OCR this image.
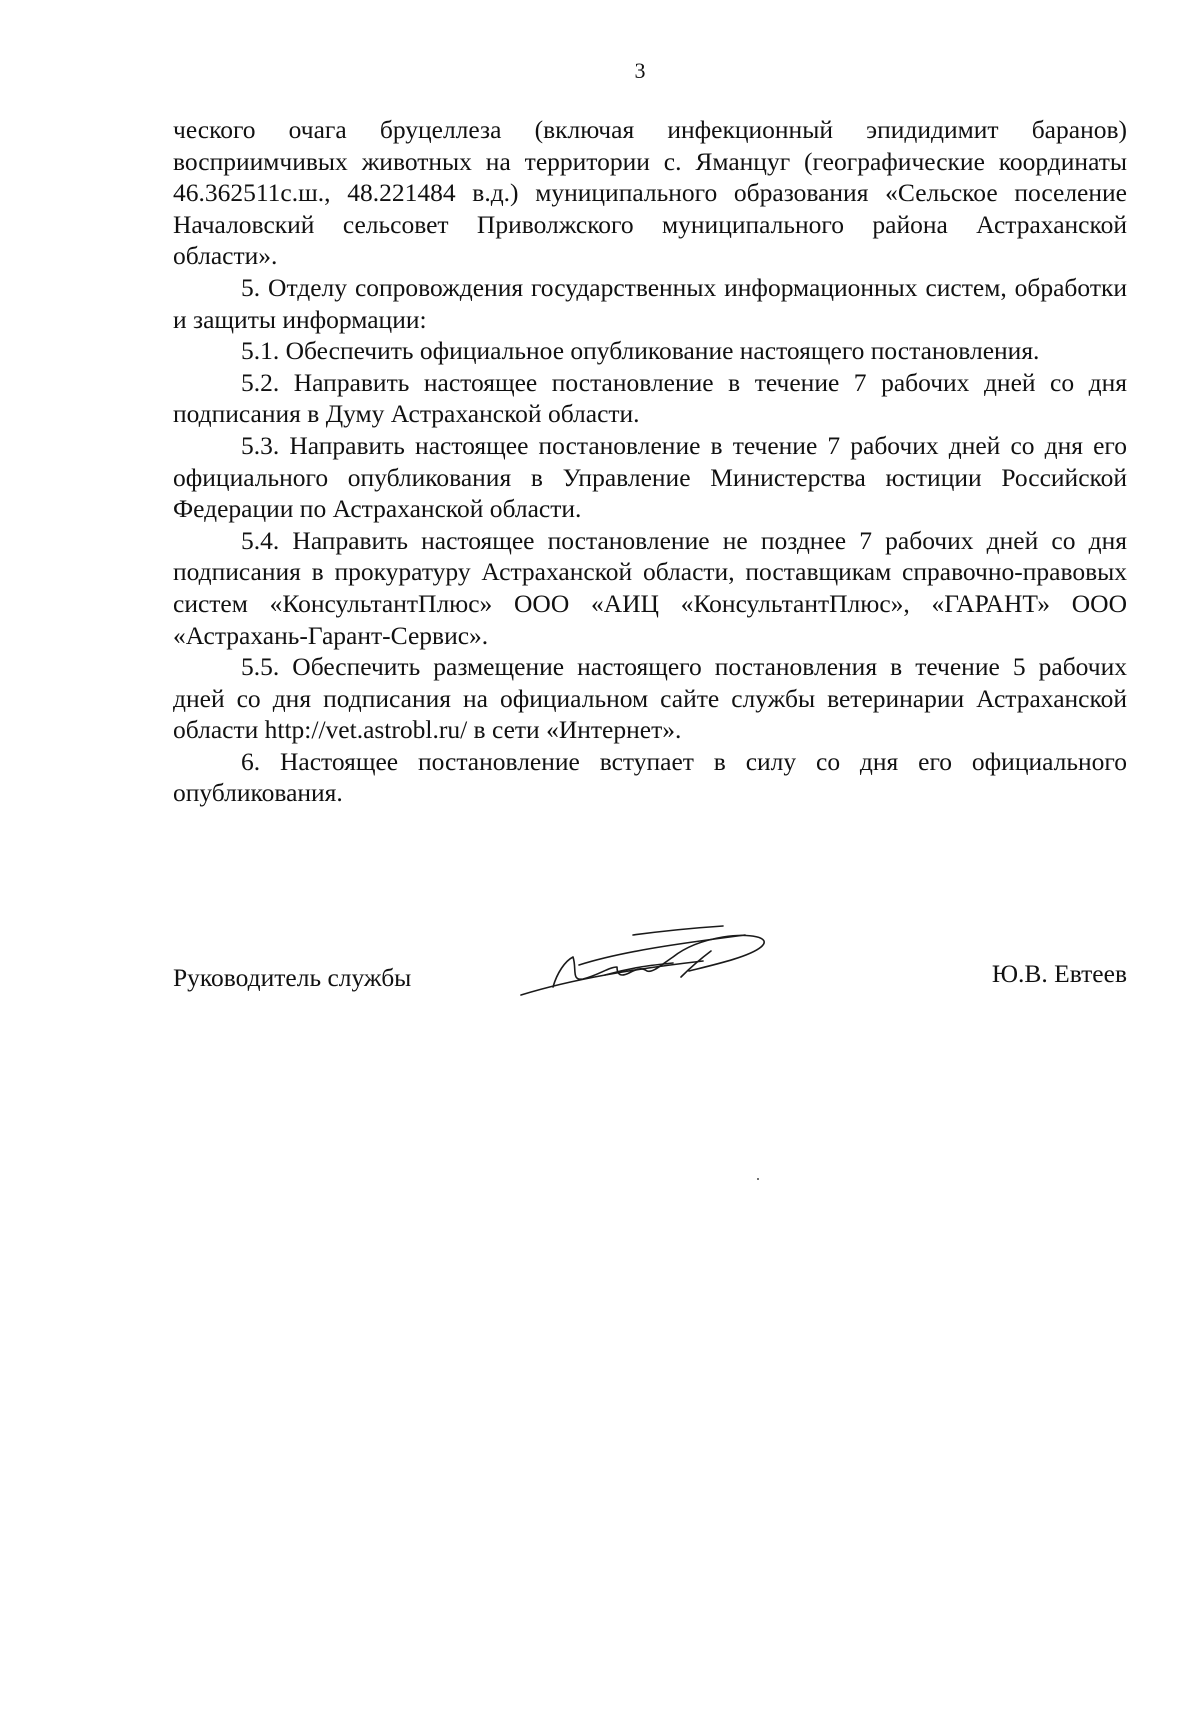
3

ческого очага бруцеллеза (включая инфекционный эпидидимит баранов) восприимчивых животных на территории с. Яманцуг (географические координаты 46.362511с.ш., 48.221484 в.д.) муниципального образования «Сельское поселение Началовский сельсовет Приволжского муниципального района Астраханской области».

5. Отделу сопровождения государственных информационных систем, обработки и защиты информации:

5.1. Обеспечить официальное опубликование настоящего постановления.

5.2. Направить настоящее постановление в течение 7 рабочих дней со дня подписания в Думу Астраханской области.

5.3. Направить настоящее постановление в течение 7 рабочих дней со дня его официального опубликования в Управление Министерства юстиции Российской Федерации по Астраханской области.

5.4. Направить настоящее постановление не позднее 7 рабочих дней со дня подписания в прокуратуру Астраханской области, поставщикам справочно-правовых систем «КонсультантПлюс» ООО «АИЦ «КонсультантПлюс», «ГАРАНТ» ООО «Астрахань-Гарант-Сервис».

5.5. Обеспечить размещение настоящего постановления в течение 5 рабочих дней со дня подписания на официальном сайте службы ветеринарии Астраханской области http://vet.astrobl.ru/ в сети «Интернет».

6. Настоящее постановление вступает в силу со дня его официального опубликования.

Руководитель службы	Ю.В. Евтеев
